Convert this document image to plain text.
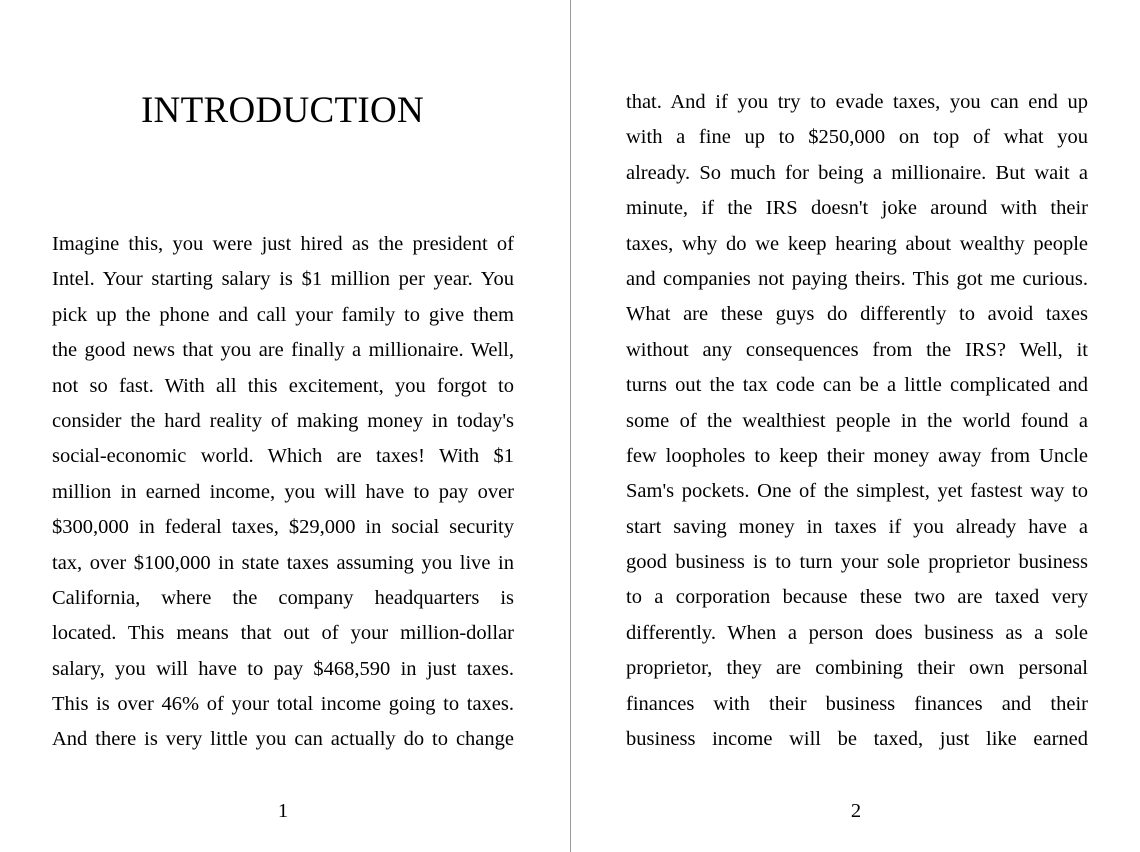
INTRODUCTION
Imagine this, you were just hired as the president of
Intel. Your starting salary is $1 million per year. You
pick up the phone and call your family to give them
the good news that you are finally a millionaire. Well,
not so fast. With all this excitement, you forgot to
consider the hard reality of making money in today's
social-economic world. Which are taxes! With $1
million in earned income, you will have to pay over
$300,000 in federal taxes, $29,000 in social security
tax, over $100,000 in state taxes assuming you live in
California, where the company headquarters is
located. This means that out of your million-dollar
salary, you will have to pay $468,590 in just taxes.
This is over 46% of your total income going to taxes.
And there is very little you can actually do to change
1
that. And if you try to evade taxes, you can end up
with a fine up to $250,000 on top of what you
already. So much for being a millionaire. But wait a
minute, if the IRS doesn't joke around with their
taxes, why do we keep hearing about wealthy people
and companies not paying theirs. This got me curious.
What are these guys do differently to avoid taxes
without any consequences from the IRS? Well, it
turns out the tax code can be a little complicated and
some of the wealthiest people in the world found a
few loopholes to keep their money away from Uncle
Sam's pockets. One of the simplest, yet fastest way to
start saving money in taxes if you already have a
good business is to turn your sole proprietor business
to a corporation because these two are taxed very
differently. When a person does business as a sole
proprietor, they are combining their own personal
finances with their business finances and their
business income will be taxed, just like earned
2
